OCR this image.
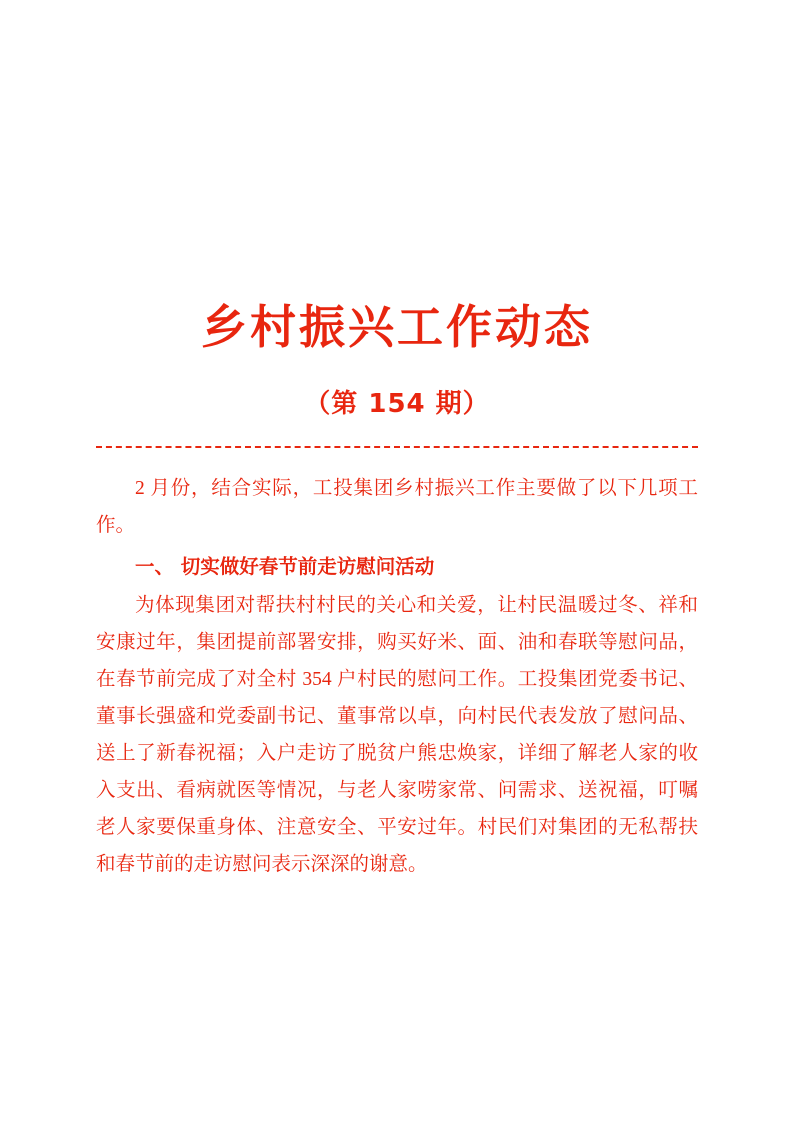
乡村振兴工作动态
（第 154 期）

2 月份，结合实际，工投集团乡村振兴工作主要做了以下几项工作。

一、 切实做好春节前走访慰问活动

为体现集团对帮扶村村民的关心和关爱，让村民温暖过冬、祥和安康过年，集团提前部署安排，购买好米、面、油和春联等慰问品，在春节前完成了对全村 354 户村民的慰问工作。工投集团党委书记、董事长强盛和党委副书记、董事常以卓，向村民代表发放了慰问品、送上了新春祝福；入户走访了脱贫户熊忠焕家，详细了解老人家的收入支出、看病就医等情况，与老人家唠家常、问需求、送祝福，叮嘱老人家要保重身体、注意安全、平安过年。村民们对集团的无私帮扶和春节前的走访慰问表示深深的谢意。
